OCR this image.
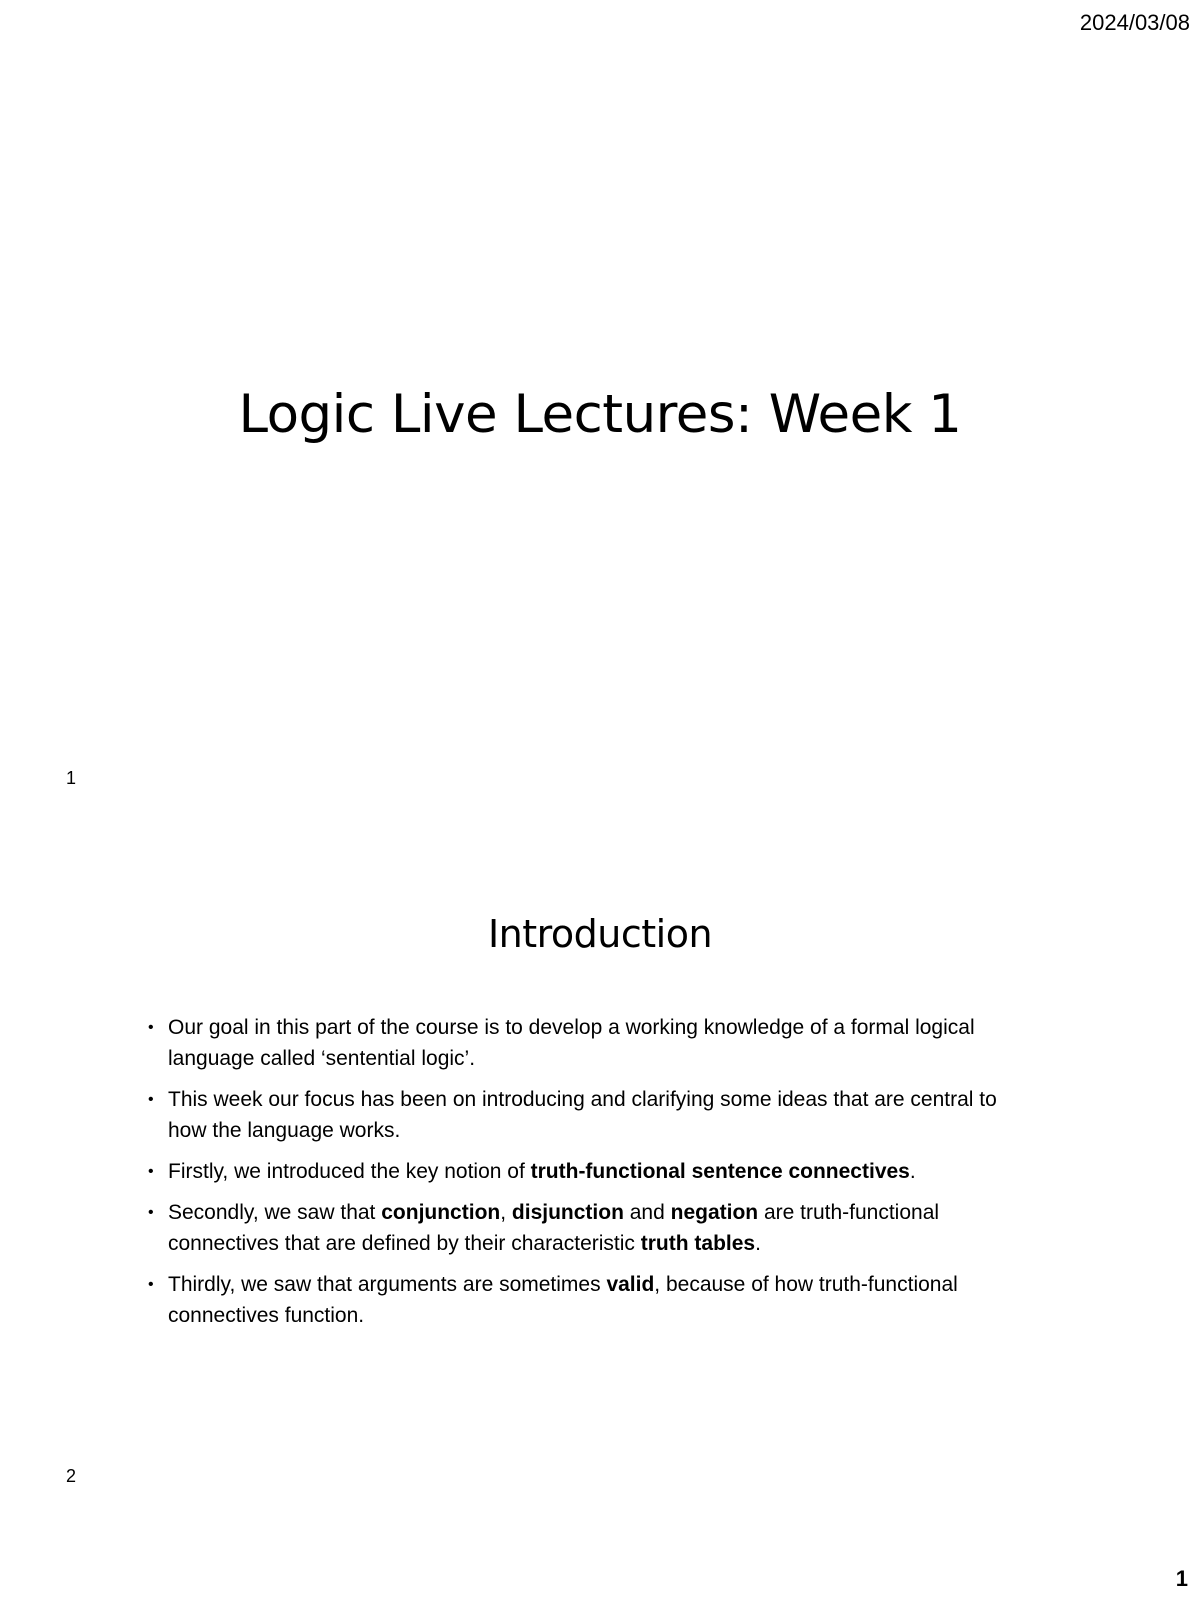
2024/03/08
Logic Live Lectures: Week 1
1
Introduction
• Our goal in this part of the course is to develop a working knowledge of a formal logical language called ‘sentential logic’.
• This week our focus has been on introducing and clarifying some ideas that are central to how the language works.
• Firstly, we introduced the key notion of truth-functional sentence connectives.
• Secondly, we saw that conjunction, disjunction and negation are truth-functional connectives that are defined by their characteristic truth tables.
• Thirdly, we saw that arguments are sometimes valid, because of how truth-functional connectives function.
2
1
